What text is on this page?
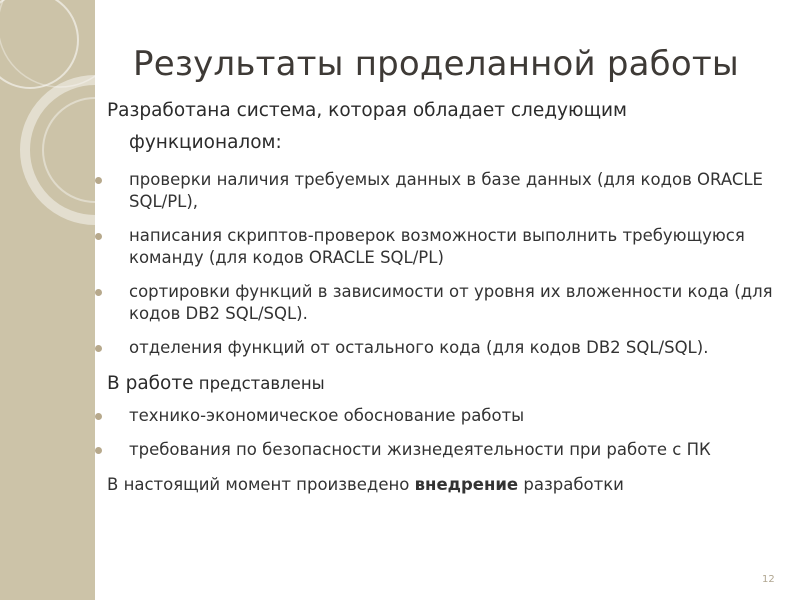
Результаты проделанной работы

Разработана система, которая обладает следующим функционалом:

проверки наличия требуемых данных в базе данных (для кодов ORACLE SQL/PL),
написания скриптов-проверок возможности выполнить требующуюся команду (для кодов ORACLE SQL/PL)
сортировки функций в зависимости от уровня их вложенности кода (для кодов DB2 SQL/SQL).
отделения функций от остального кода (для кодов DB2 SQL/SQL).

В работе представлены

технико-экономическое обоснование работы
требования по безопасности жизнедеятельности при работе с ПК

В настоящий момент произведено внедрение разработки

12
